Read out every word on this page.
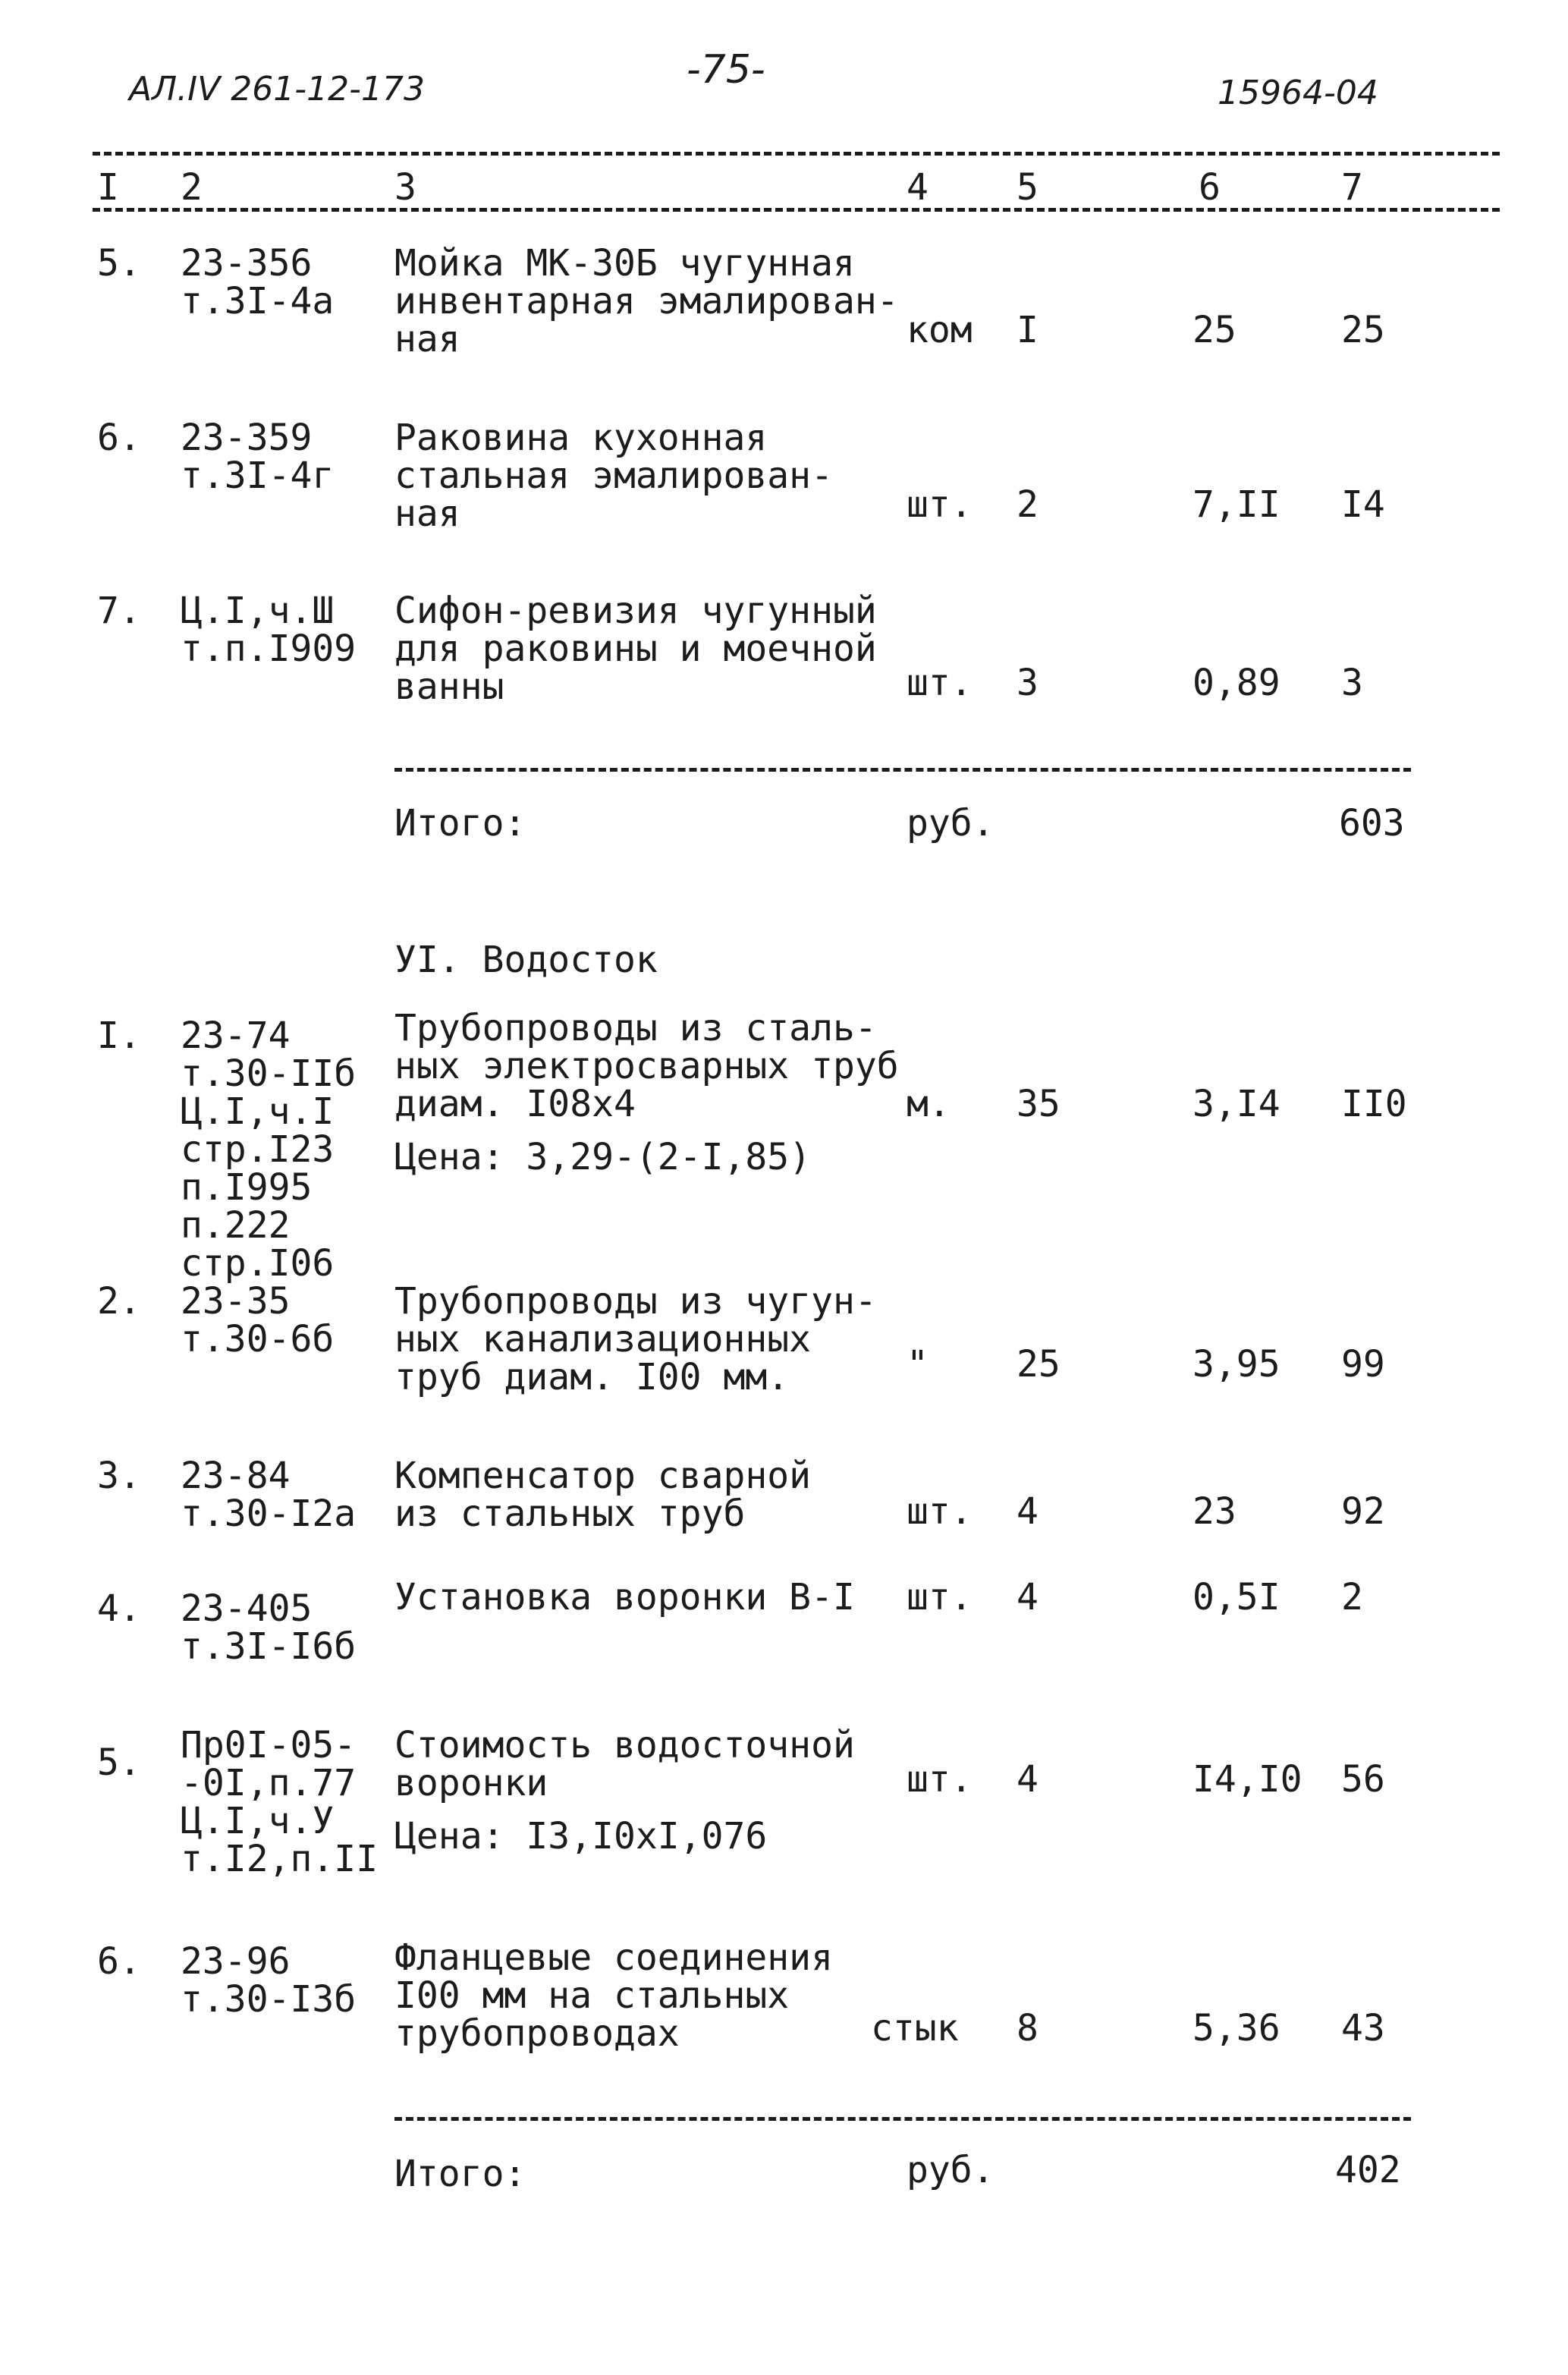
АЛ.IV 261-12-173	-75-
15964-04
I 2	3	4 5	6	7
5. 23-356
т.3I-4а
Мойка МК-30Б чугунная
инвентарная эмалирован-
ная	ком I	25	25
6. 23-359
т.3I-4г
Раковина кухонная
стальная эмалирован-
ная	шт. 2	7,II I4
7. Ц.I,ч.Ш
т.п.I909
Сифон-ревизия чугунный
для раковины и моечной
ванны	шт. 3	0,89 3
Итого:	руб.	603
УI. Водосток
I. 23-74
т.30-IIб
Ц.I,ч.I
стр.I23
п.I995
п.222
стр.I06
Трубопроводы из сталь-
ных электросварных труб
диам. I08х4
Цена: 3,29-(2-I,85)
м. 35	3,I4 II0
2. 23-35
т.30-6б
Трубопроводы из чугун-
ных канализационных
труб диам. I00 мм.	" 25	3,95 99
3. 23-84
т.30-I2а
Компенсатор сварной
из стальных труб	шт. 4	23	92
4. 23-405
т.3I-I6б
Установка воронки В-I шт. 4	0,5I 2
5. Пр0I-05-
-0I,п.77
Ц.I,ч.У
т.I2,п.II
Стоимость водосточной
воронки
Цена: I3,I0хI,076
шт. 4	I4,I0 56
6. 23-96
т.30-I3б
Фланцевые соединения
I00 мм на стальных
трубопроводах	стык 8	5,36 43
Итого:	руб.	402
